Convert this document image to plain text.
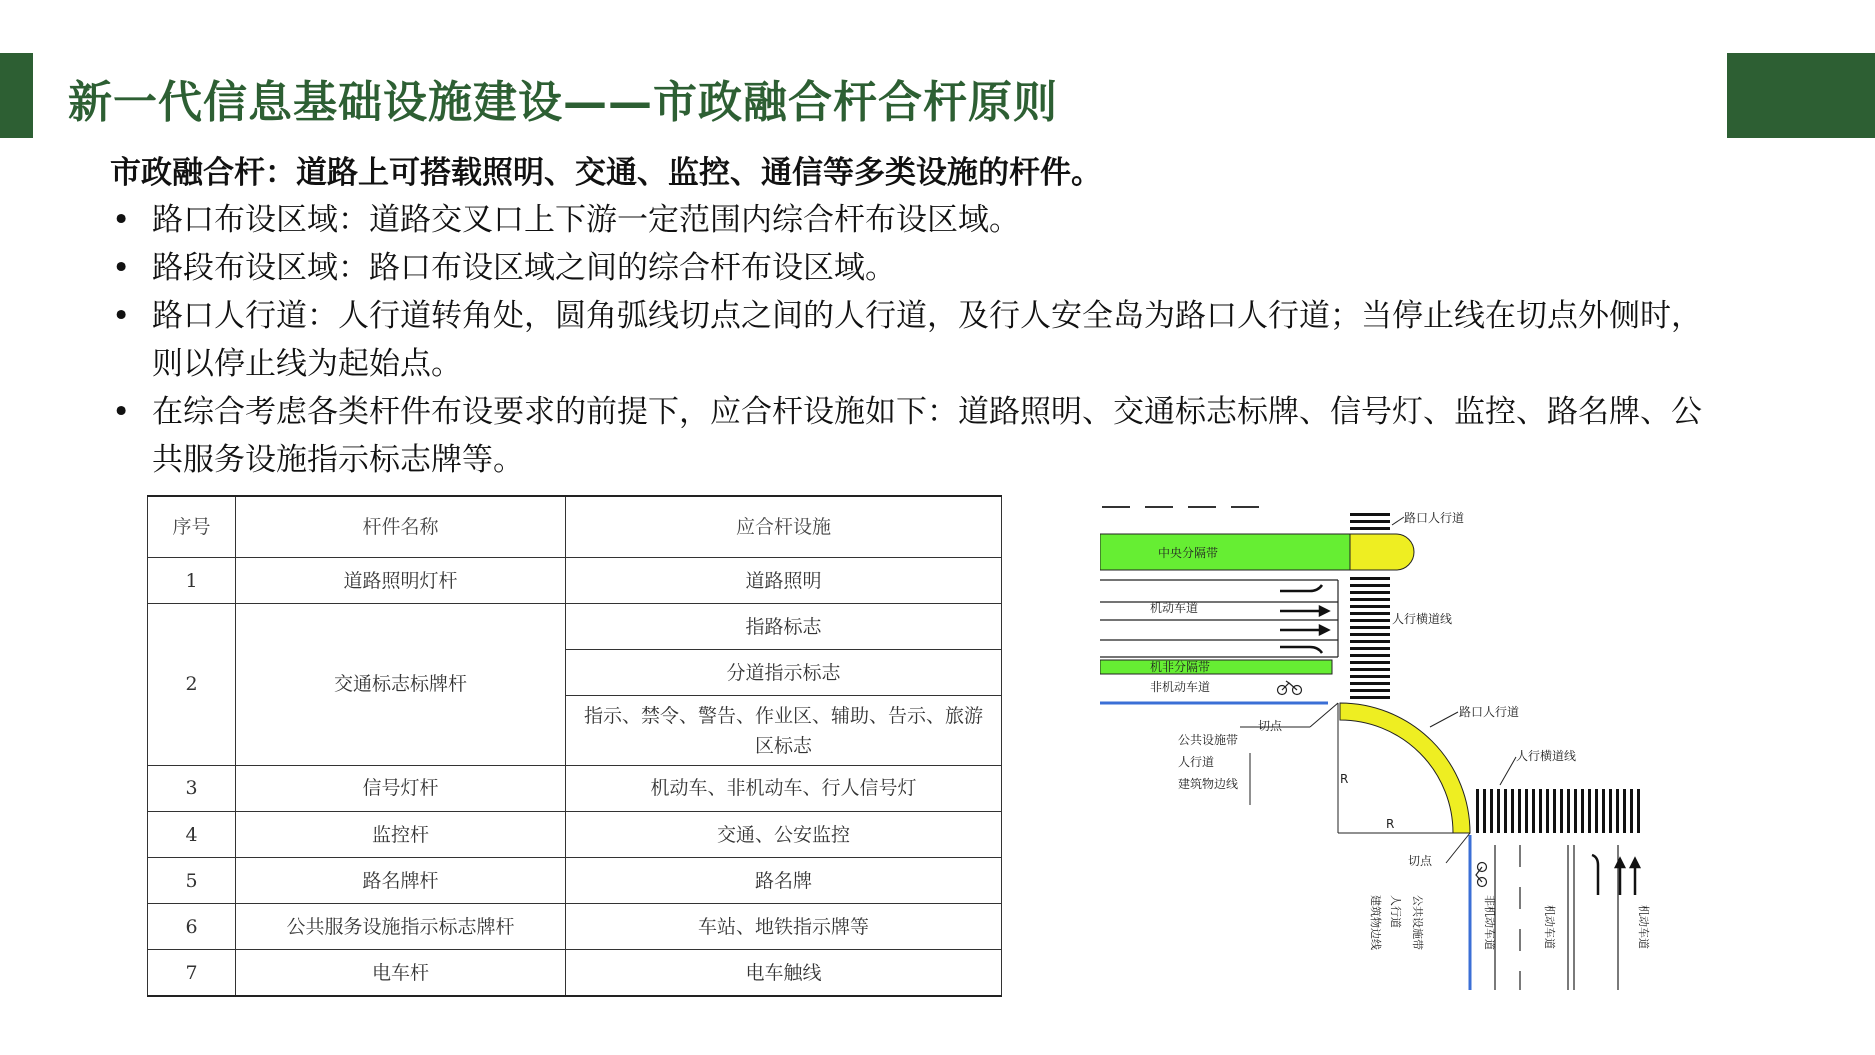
新一代信息基础设施建设——市政融合杆合杆原则
市政融合杆：道路上可搭载照明、交通、监控、通信等多类设施的杆件。
• 路口布设区域：道路交叉口上下游一定范围内综合杆布设区域。
• 路段布设区域：路口布设区域之间的综合杆布设区域。
• 路口人行道：人行道转角处，圆角弧线切点之间的人行道，及行人安全岛为路口人行道；当停止线在切点外侧时，则以停止线为起始点。
• 在综合考虑各类杆件布设要求的前提下，应合杆设施如下：道路照明、交通标志标牌、信号灯、监控、路名牌、公共服务设施指示标志牌等。
序号	杆件名称	应合杆设施
1	道路照明灯杆	道路照明
2	交通标志标牌杆	指路标志
		分道指示标志
		指示、禁令、警告、作业区、辅助、告示、旅游区标志
3	信号灯杆	机动车、非机动车、行人信号灯
4	监控杆	交通、公安监控
5	路名牌杆	路名牌
6	公共服务设施指示标志牌杆	车站、地铁指示牌等
7	电车杆	电车触线
路口人行道
中央分隔带
机动车道
人行横道线
机非分隔带
非机动车道
切点
路口人行道
公共设施带
人行道
建筑物边线
人行横道线
R
R
切点
建筑物边线 人行道 公共设施带	非机动车道	机动车道	机动车道
